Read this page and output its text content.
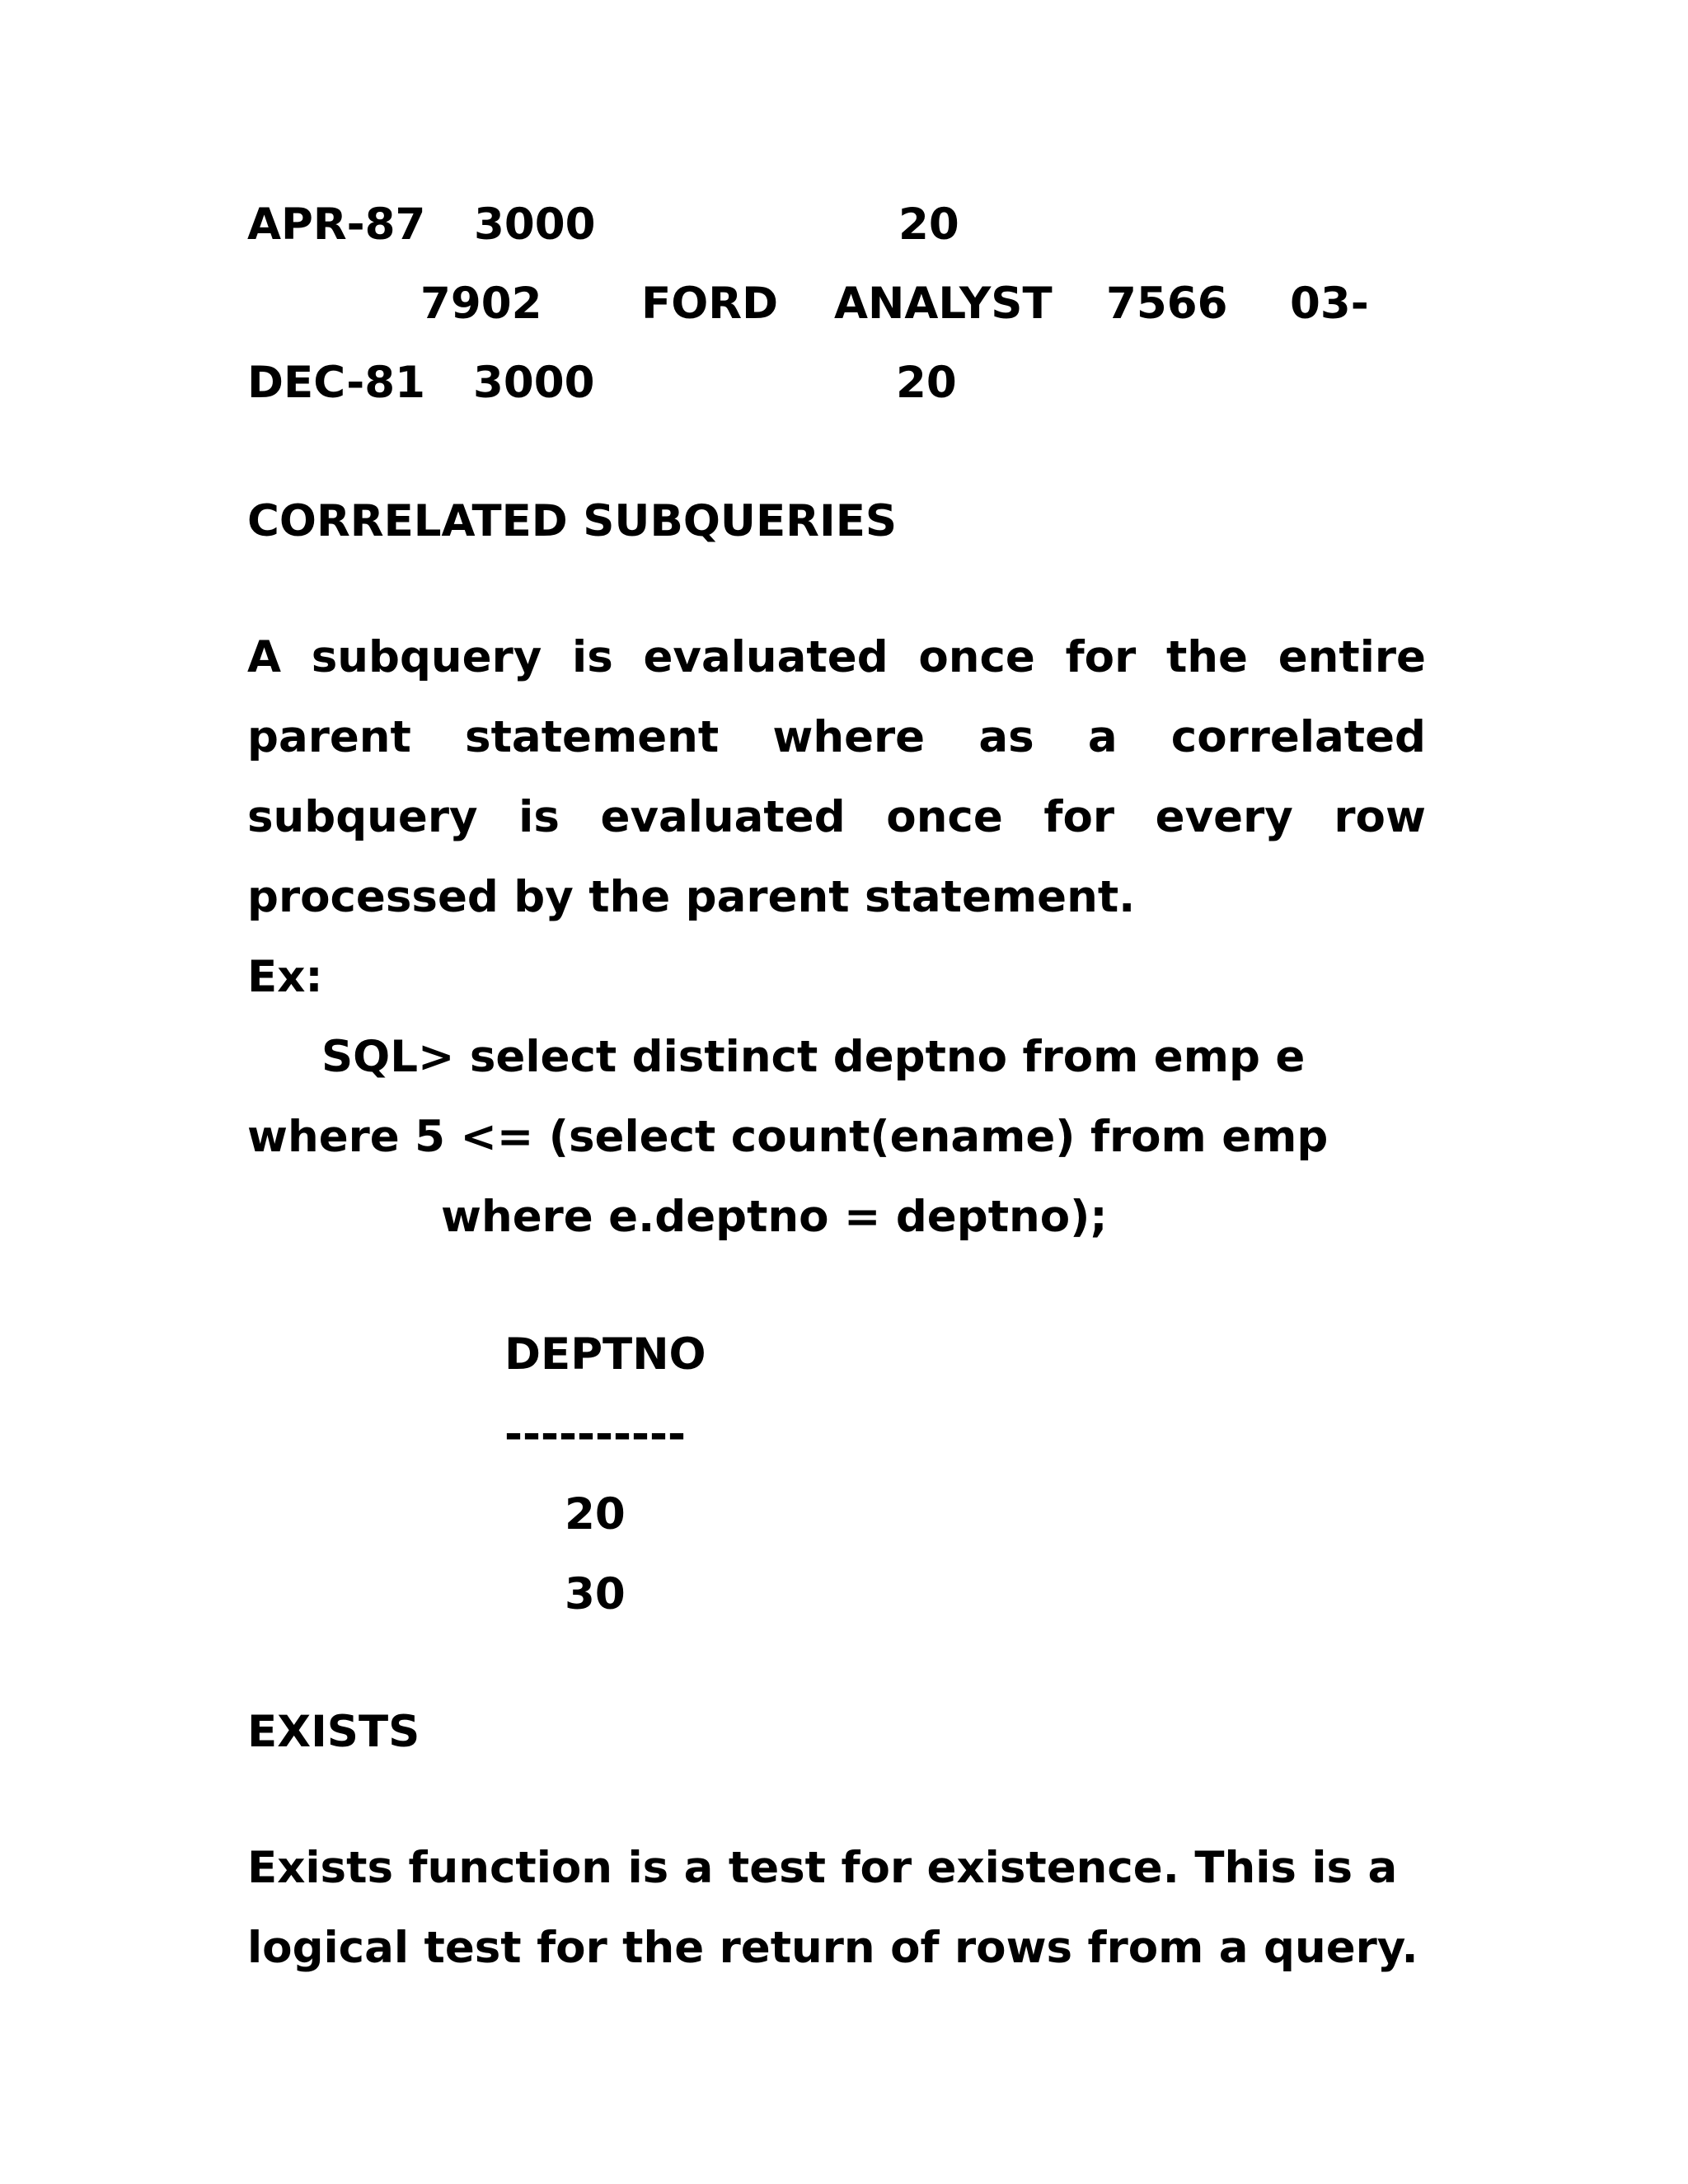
APR-87 3000	20
7902 FORD ANALYST 7566 03-
DEC-81 3000	20

CORRELATED SUBQUERIES

A subquery is evaluated once for the entire
parent statement where as a correlated
subquery is evaluated once for every row

processed by the parent statement.

Ex:

SQL> select distinct deptno from emp e

where 5 <= (select count(ename) from emp

where e.deptno = deptno);

DEPTNO

----------

20

30

EXISTS

Exists function is a test for existence. This is a

logical test for the return of rows from a query.
